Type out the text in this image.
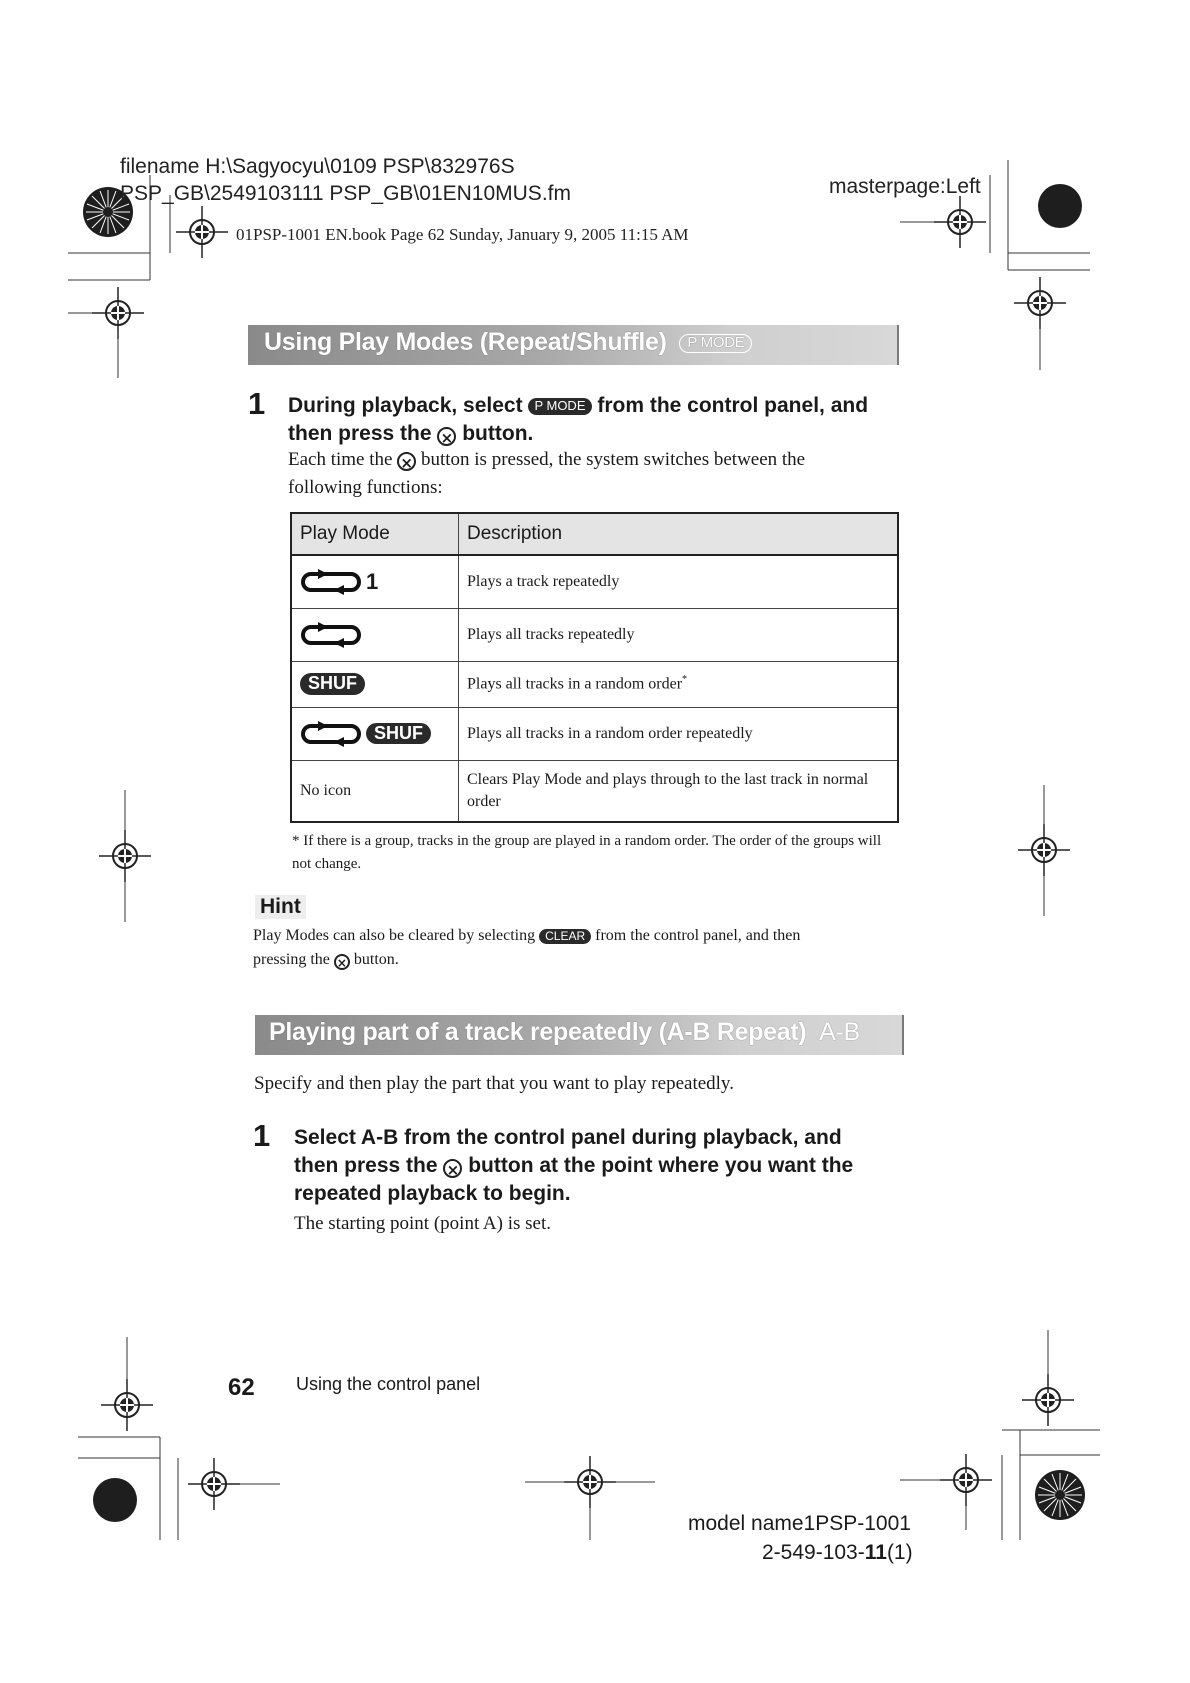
filename H:\Sagyocyu\0109 PSP\832976S
PSP_GB\2549103111 PSP_GB\01EN10MUS.fm	masterpage:Left
01PSP-1001 EN.book Page 62 Sunday, January 9, 2005 11:15 AM
Using Play Modes (Repeat/Shuffle) P MODE
1 During playback, select P MODE from the control panel, and
then press the × button.
Each time the × button is pressed, the system switches between the
following functions:
Play Mode	Description
1	Plays a track repeatedly
	Plays all tracks repeatedly
SHUF	Plays all tracks in a random order*
SHUF	Plays all tracks in a random order repeatedly
No icon	Clears Play Mode and plays through to the last track in normal order
* If there is a group, tracks in the group are played in a random order. The order of the groups will not change.
Hint
Play Modes can also be cleared by selecting CLEAR from the control panel, and then
pressing the × button.
Playing part of a track repeatedly (A-B Repeat) A-B
Specify and then play the part that you want to play repeatedly.
1 Select A-B from the control panel during playback, and
then press the × button at the point where you want the
repeated playback to begin.
The starting point (point A) is set.
62 Using the control panel
model name1PSP-1001
2-549-103-11(1)
